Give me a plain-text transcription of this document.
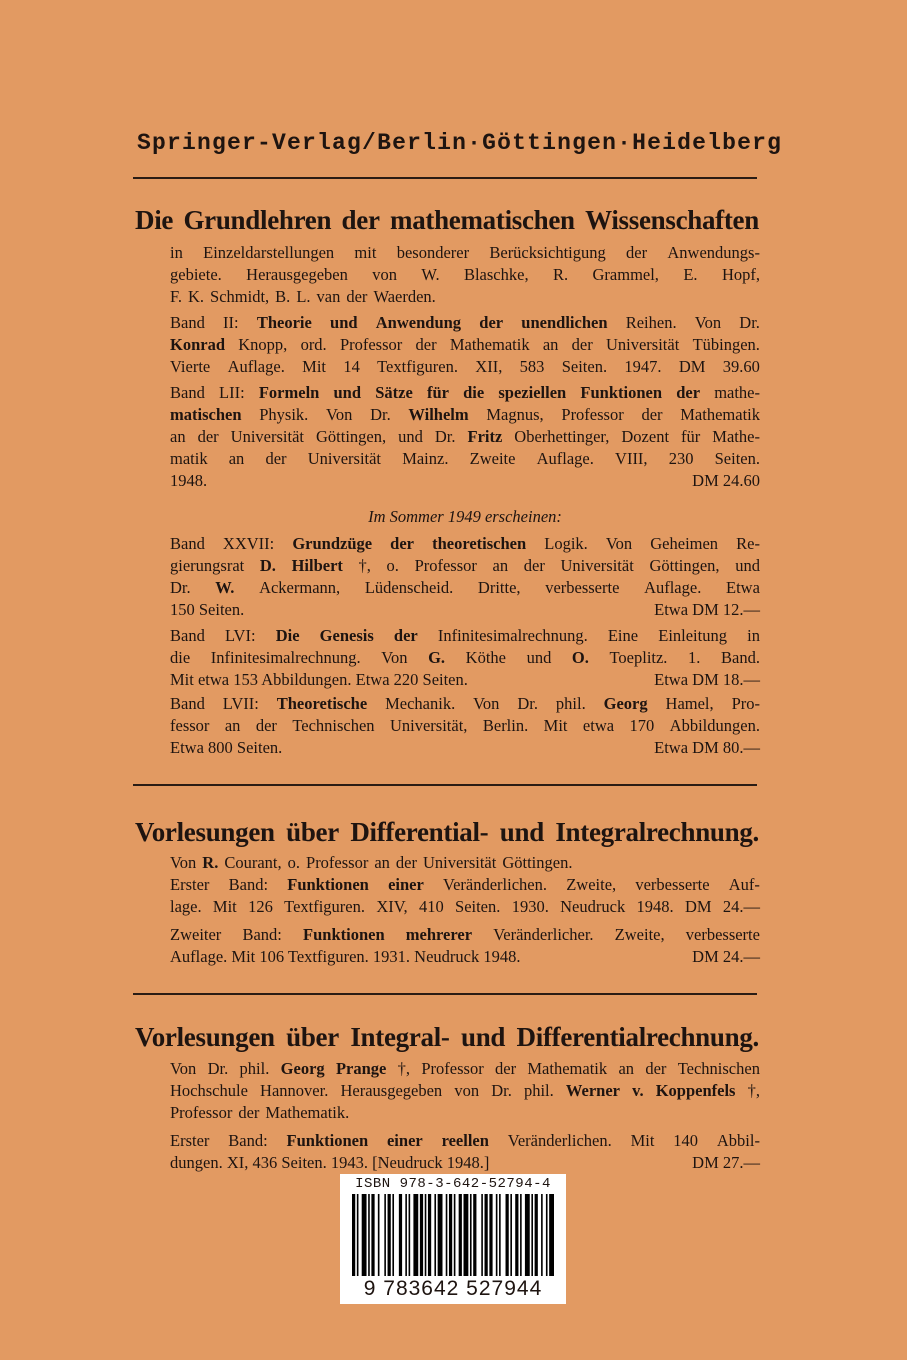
Springer-Verlag / Berlin · Göttingen · Heidelberg
Die Grundlehren der mathematischen Wissenschaften
in Einzeldarstellungen mit besonderer Berücksichtigung der Anwendungs-
gebiete. Herausgegeben von W. Blaschke, R. Grammel, E. Hopf,
F. K. Schmidt, B. L. van der Waerden.
Band II: Theorie und Anwendung der unendlichen Reihen. Von Dr.
Konrad Knopp, ord. Professor der Mathematik an der Universität Tübingen.
Vierte Auflage. Mit 14 Textfiguren. XII, 583 Seiten. 1947. DM 39.60
Band LII: Formeln und Sätze für die speziellen Funktionen der mathe-
matischen Physik. Von Dr. Wilhelm Magnus, Professor der Mathematik
an der Universität Göttingen, und Dr. Fritz Oberhettinger, Dozent für Mathe-
matik an der Universität Mainz. Zweite Auflage. VIII, 230 Seiten.
1948.	DM 24.60
Im Sommer 1949 erscheinen:
Band XXVII: Grundzüge der theoretischen Logik. Von Geheimen Re-
gierungsrat D. Hilbert †, o. Professor an der Universität Göttingen, und
Dr. W. Ackermann, Lüdenscheid. Dritte, verbesserte Auflage. Etwa
150 Seiten.	Etwa DM 12.—
Band LVI: Die Genesis der Infinitesimalrechnung. Eine Einleitung in
die Infinitesimalrechnung. Von G. Köthe und O. Toeplitz. 1. Band.
Mit etwa 153 Abbildungen. Etwa 220 Seiten.	Etwa DM 18.—
Band LVII: Theoretische Mechanik. Von Dr. phil. Georg Hamel, Pro-
fessor an der Technischen Universität, Berlin. Mit etwa 170 Abbildungen.
Etwa 800 Seiten.	Etwa DM 80.—
Vorlesungen über Differential- und Integralrechnung.
Von R. Courant, o. Professor an der Universität Göttingen.
Erster Band: Funktionen einer Veränderlichen. Zweite, verbesserte Auf-
lage. Mit 126 Textfiguren. XIV, 410 Seiten. 1930. Neudruck 1948. DM 24.—
Zweiter Band: Funktionen mehrerer Veränderlicher. Zweite, verbesserte
Auflage. Mit 106 Textfiguren. 1931. Neudruck 1948.	DM 24.—
Vorlesungen über Integral- und Differentialrechnung.
Von Dr. phil. Georg Prange †, Professor der Mathematik an der Technischen
Hochschule Hannover. Herausgegeben von Dr. phil. Werner v. Koppenfels †,
Professor der Mathematik.
Erster Band: Funktionen einer reellen Veränderlichen. Mit 140 Abbil-
dungen. XI, 436 Seiten. 1943. [Neudruck 1948.]	DM 27.—
ISBN 978-3-642-52794-4
9 783642 527944
